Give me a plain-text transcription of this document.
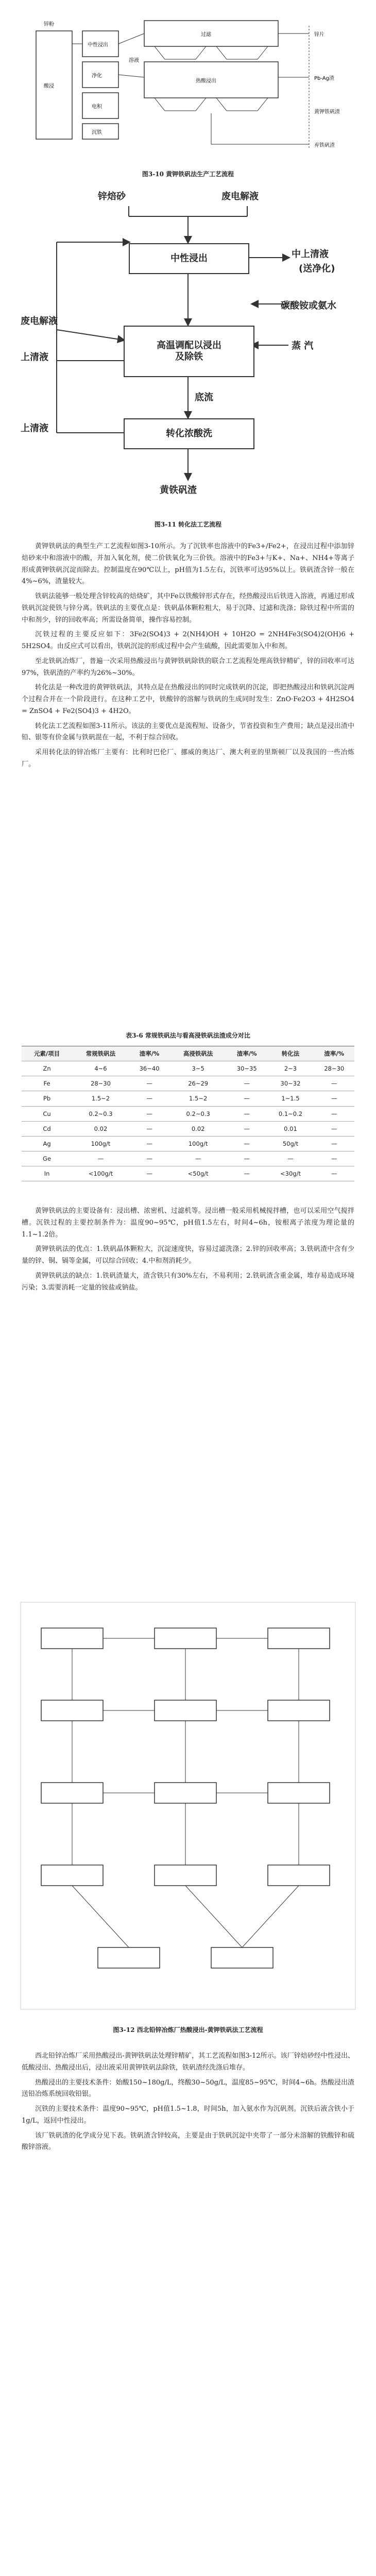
锌粉
酸浸
中性浸出
净化
电积
沉铁
过滤
热酸浸出
锌片
Pb-Ag渣
黄钾铁矾渣
弃铁矾渣
溶液
图3-10 黄钾铁矾法生产工艺流程
锌焙砂	废电解液
中性浸出	中上清液
(送净化)
碳酸铵或氨水
废电解液
高温调配以浸出
及除铁
蒸 汽
上清液
底流
上清液	转化浓酸洗
黄铁矾渣
图3-11 转化法工艺流程

黄钾铁矾法的典型生产工艺流程如图3-10所示。为了沉铁率也溶液中的Fe3+/Fe2+，在浸出过程中添加锌焙砂来中和溶液中的酸，并加入氧化剂，使二价铁氧化为三价铁。溶液中的Fe3+与K+、Na+、NH4+等离子形成黄钾铁矾沉淀而除去。控制温度在90℃以上，pH值为1.5左右，沉铁率可达95%以上。铁矾渣含锌一般在4%~6%，渣量较大。

铁矾法能够一般处理含锌较高的焙烧矿，其中Fe以铁酸锌形式存在，经热酸浸出后铁进入溶液，再通过形成铁矾沉淀使铁与锌分离。铁矾法的主要优点是：铁矾晶体颗粒粗大，易于沉降、过滤和洗涤；除铁过程中所需的中和剂少，锌的回收率高；所需设备简单，操作容易控制。

沉铁过程的主要反应如下：3Fe2(SO4)3 + 2(NH4)OH + 10H2O = 2NH4Fe3(SO4)2(OH)6 + 5H2SO4。由反应式可以看出，铁矾沉淀的形成过程中会产生硫酸，因此需要加入中和剂。

至北铁矾冶炼厂，普遍一次采用热酸浸出与黄钾铁矾除铁的联合工艺流程处理高铁锌精矿，锌的回收率可达97%，铁矾渣的产率约为26%~30%。

转化法是一种改进的黄钾铁矾法，其特点是在热酸浸出的同时完成铁矾的沉淀，即把热酸浸出和铁矾沉淀两个过程合并在一个阶段进行。在这种工艺中，铁酸锌的溶解与铁矾的生成同时发生：ZnO·Fe2O3 + 4H2SO4 = ZnSO4 + Fe2(SO4)3 + 4H2O。

转化法工艺流程如图3-11所示。该法的主要优点是流程短、设备少，节省投资和生产费用；缺点是浸出渣中铅、银等有价金属与铁矾混在一起，不利于综合回收。

采用转化法的锌冶炼厂主要有：比利时巴伦厂、挪威的奥达厂、澳大利亚的里斯顿厂以及我国的一些冶炼厂。

表3-6 常规铁矾法与看高浸铁矾法渣成分对比
元素/项目	常规铁矾法	渣率/%	高浸铁矾法	渣率/%	转化法	渣率/%
Zn	4~6	36~40	3~5	30~35	2~3	28~30
Fe	28~30	—	26~29	—	30~32	—
Pb	1.5~2	—	1.5~2	—	1~1.5	—
Cu	0.2~0.3	—	0.2~0.3	—	0.1~0.2	—
Cd	0.02	—	0.02	—	0.01	—
Ag	100g/t	—	100g/t	—	50g/t	—
Ge	—	—	—	—	—	—
In	<100g/t	—	<50g/t	—	<30g/t	—

黄钾铁矾法的主要设备有：浸出槽、浓密机、过滤机等。浸出槽一般采用机械搅拌槽，也可以采用空气搅拌槽。沉铁过程的主要控制条件为：温度90~95℃，pH值1.5左右，时间4~6h，铵根离子浓度为理论量的1.1~1.2倍。

黄钾铁矾法的优点：1.铁矾晶体颗粒大，沉淀速度快，容易过滤洗涤；2.锌的回收率高；3.铁矾渣中含有少量的锌、铜、镉等金属，可以综合回收；4.中和剂消耗少。

黄钾铁矾法的缺点：1.铁矾渣量大，渣含铁只有30%左右，不易利用；2.铁矾渣含重金属，堆存易造成环境污染；3.需要消耗一定量的铵盐或钠盐。

图3-12 西北铅锌冶炼厂热酸浸出-黄钾铁矾法工艺流程

西北铅锌冶炼厂采用热酸浸出-黄钾铁矾法处理锌精矿，其工艺流程如图3-12所示。该厂锌焙砂经中性浸出、低酸浸出、热酸浸出后，浸出液采用黄钾铁矾法除铁，铁矾渣经洗涤后堆存。

热酸浸出的主要技术条件：始酸150~180g/L，终酸30~50g/L，温度85~95℃，时间4~6h。热酸浸出渣送铅冶炼系统回收铅银。

沉铁的主要技术条件：温度90~95℃，pH值1.5~1.8，时间5h，加入氨水作为沉矾剂。沉铁后液含铁小于1g/L，返回中性浸出。

该厂铁矾渣的化学成分见下表。铁矾渣含锌较高，主要是由于铁矾沉淀中夹带了一部分未溶解的铁酸锌和硫酸锌溶液。
